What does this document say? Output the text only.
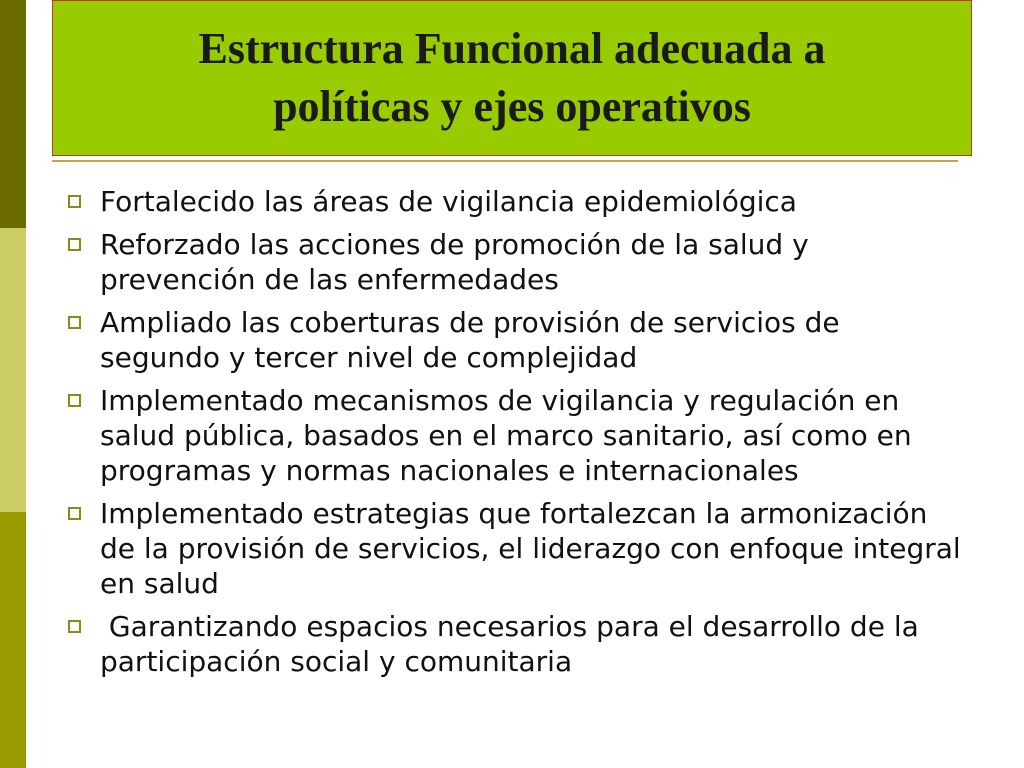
Estructura Funcional adecuada a
políticas y ejes operativos
Fortalecido las áreas de vigilancia epidemiológica
Reforzado las acciones de promoción de la salud y prevención de las enfermedades
Ampliado las coberturas de provisión de servicios de segundo y tercer nivel de complejidad
Implementado mecanismos de vigilancia y regulación en salud pública, basados en el marco sanitario, así como en programas y normas nacionales e internacionales
Implementado estrategias que fortalezcan la armonización de la provisión de servicios, el liderazgo con enfoque integral en salud
Garantizando espacios necesarios para el desarrollo de la participación social y comunitaria
